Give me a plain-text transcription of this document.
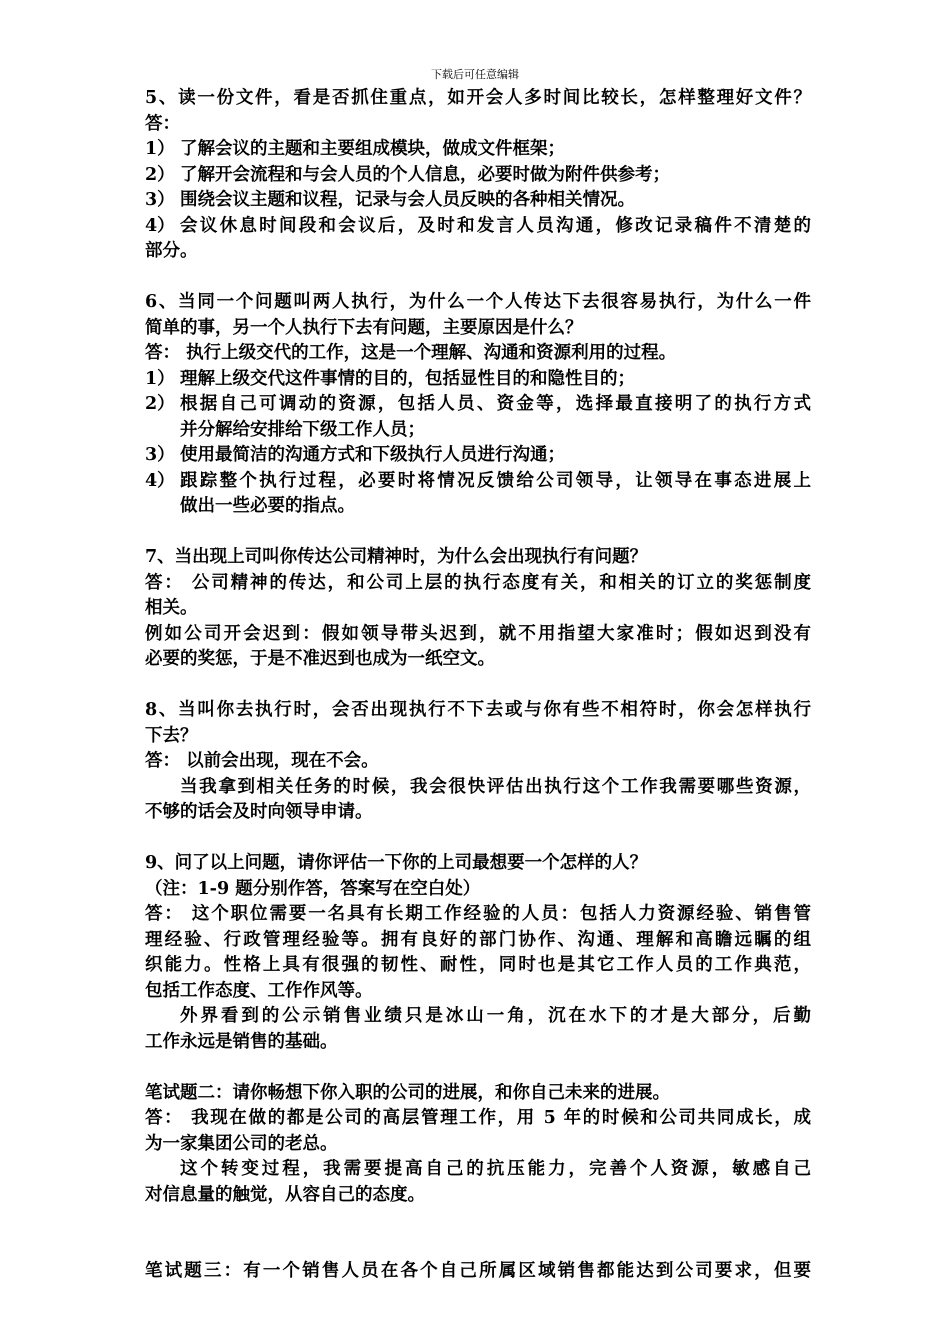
下载后可任意编辑
5、读一份文件，看是否抓住重点，如开会人多时间比较长，怎样整理好文件？
答：
1） 了解会议的主题和主要组成模块，做成文件框架；
2） 了解开会流程和与会人员的个人信息，必要时做为附件供参考；
3） 围绕会议主题和议程，记录与会人员反映的各种相关情况。
4） 会议休息时间段和会议后，及时和发言人员沟通，修改记录稿件不清楚的
部分。
6、当同一个问题叫两人执行，为什么一个人传达下去很容易执行，为什么一件
简单的事，另一个人执行下去有问题，主要原因是什么？
答： 执行上级交代的工作，这是一个理解、沟通和资源利用的过程。
1） 理解上级交代这件事情的目的，包括显性目的和隐性目的；
2） 根据自己可调动的资源，包括人员、资金等，选择最直接明了的执行方式
并分解给安排给下级工作人员；
3） 使用最简洁的沟通方式和下级执行人员进行沟通；
4） 跟踪整个执行过程，必要时将情况反馈给公司领导，让领导在事态进展上
做出一些必要的指点。
7、当出现上司叫你传达公司精神时，为什么会出现执行有问题？
答： 公司精神的传达，和公司上层的执行态度有关，和相关的订立的奖惩制度
相关。
例如公司开会迟到：假如领导带头迟到，就不用指望大家准时；假如迟到没有
必要的奖惩，于是不准迟到也成为一纸空文。
8、当叫你去执行时，会否出现执行不下去或与你有些不相符时，你会怎样执行
下去？
答： 以前会出现，现在不会。
当我拿到相关任务的时候，我会很快评估出执行这个工作我需要哪些资源，
不够的话会及时向领导申请。
9、问了以上问题，请你评估一下你的上司最想要一个怎样的人？
（注：1-9 题分别作答，答案写在空白处）
答： 这个职位需要一名具有长期工作经验的人员：包括人力资源经验、销售管
理经验、行政管理经验等。拥有良好的部门协作、沟通、理解和高瞻远瞩的组
织能力。性格上具有很强的韧性、耐性，同时也是其它工作人员的工作典范，
包括工作态度、工作作风等。
外界看到的公示销售业绩只是冰山一角，沉在水下的才是大部分，后勤
工作永远是销售的基础。
笔试题二：请你畅想下你入职的公司的进展，和你自己未来的进展。
答： 我现在做的都是公司的高层管理工作，用 5 年的时候和公司共同成长，成
为一家集团公司的老总。
这个转变过程，我需要提高自己的抗压能力，完善个人资源，敏感自己
对信息量的触觉，从容自己的态度。
笔试题三：有一个销售人员在各个自己所属区域销售都能达到公司要求，但要
